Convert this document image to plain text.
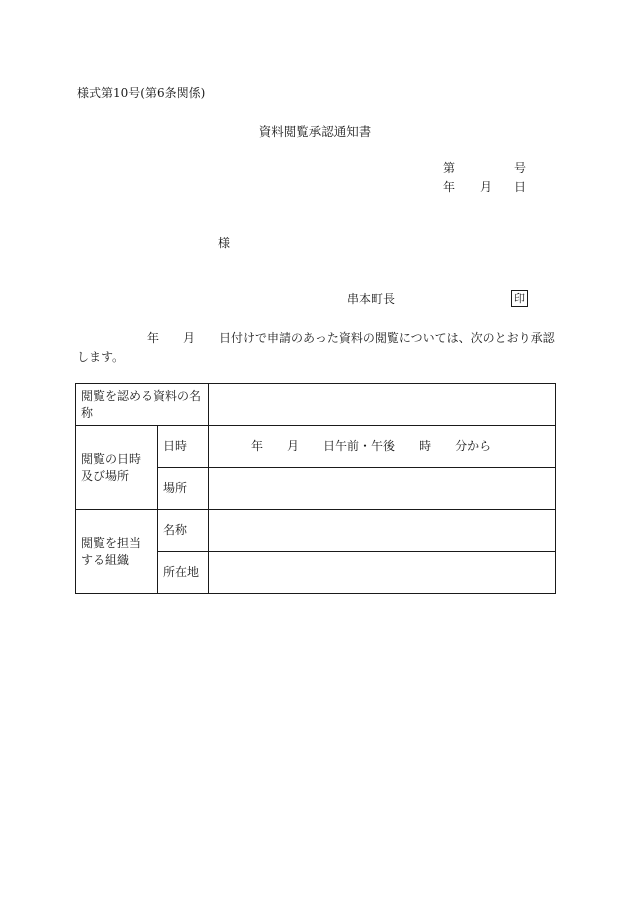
様式第10号(第6条関係)
資料閲覧承認通知書
第	号
年 月 日
様
串本町長	印
年 月 日付けで申請のあった資料の閲覧については、次のとおり承認します。
閲覧を認める資料の名称		
閲覧の日時及び場所	日時	年 月 日午前・午後 時 分から

	場所	
閲覧を担当する組織	名称	
	所在地	
